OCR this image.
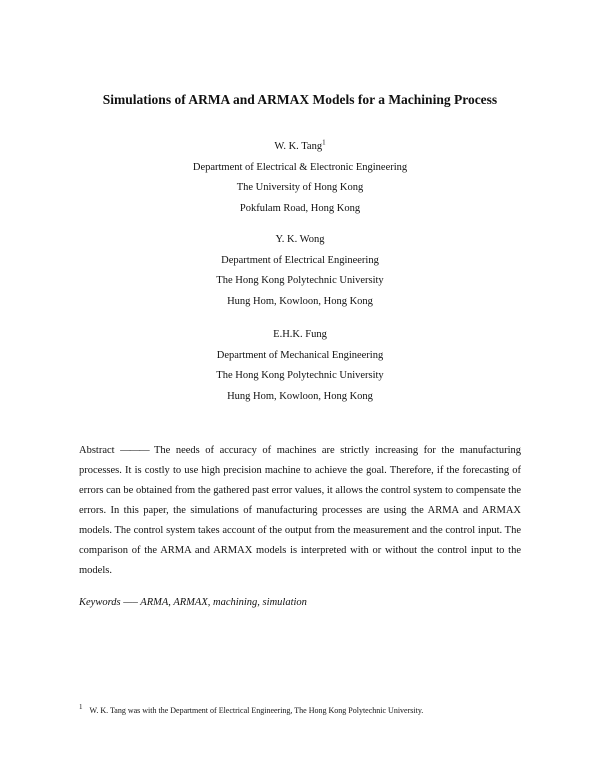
Simulations of ARMA and ARMAX Models for a Machining Process
W. K. Tang$^1$
Department of Electrical & Electronic Engineering
The University of Hong Kong
Pokfulam Road, Hong Kong
Y. K. Wong
Department of Electrical Engineering
The Hong Kong Polytechnic University
Hung Hom, Kowloon, Hong Kong
E.H.K. Fung
Department of Mechanical Engineering
The Hong Kong Polytechnic University
Hung Hom, Kowloon, Hong Kong
Abstract ——— The needs of accuracy of machines are strictly increasing for the manufacturing processes. It is costly to use high precision machine to achieve the goal. Therefore, if the forecasting of errors can be obtained from the gathered past error values, it allows the control system to compensate the errors. In this paper, the simulations of manufacturing processes are using the ARMA and ARMAX models. The control system takes account of the output from the measurement and the control input. The comparison of the ARMA and ARMAX models is interpreted with or without the control input to the models.
Keywords —– ARMA, ARMAX, machining, simulation
$^1$ W. K. Tang was with the Department of Electrical Engineering, The Hong Kong Polytechnic University.
